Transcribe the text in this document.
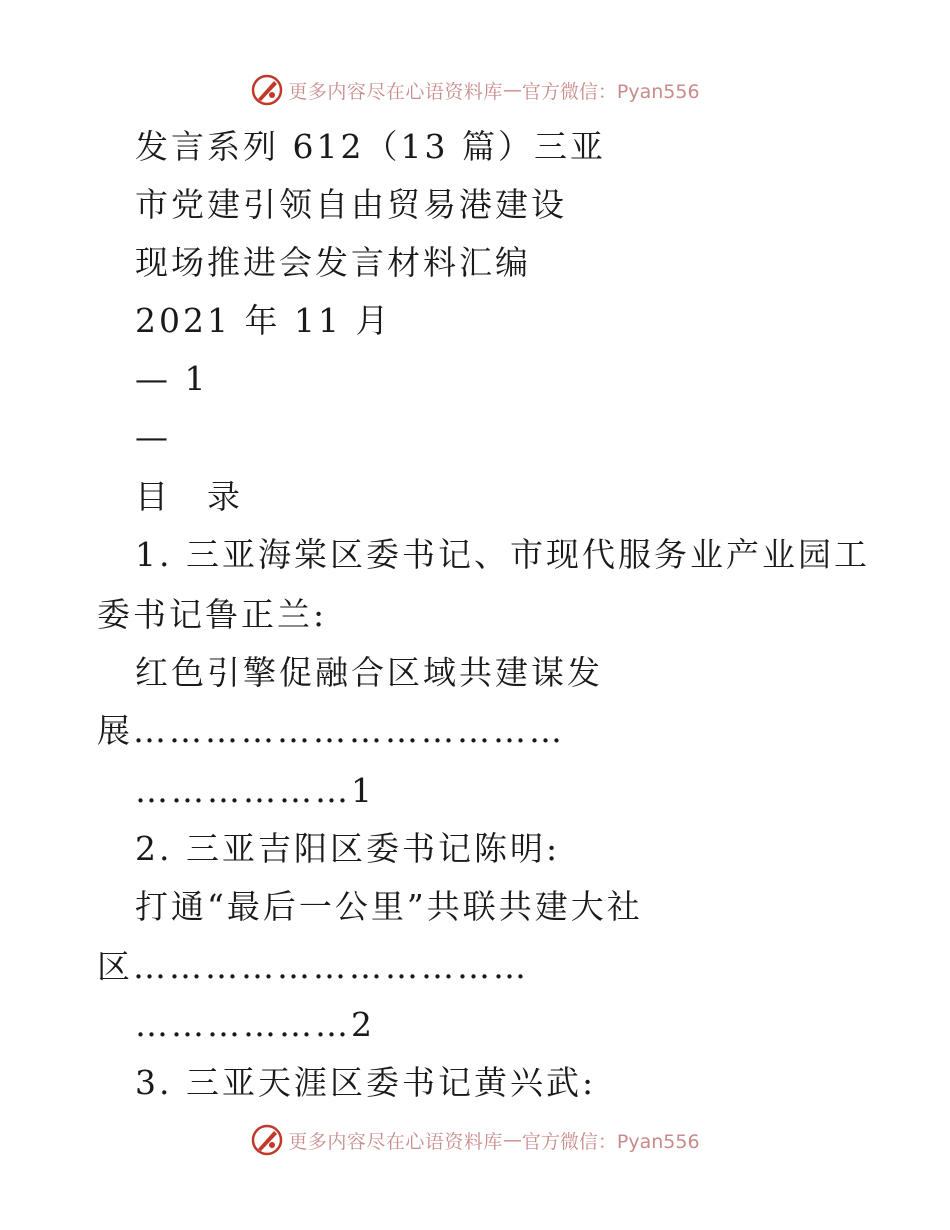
更多内容尽在心语资料库 — 官方微信：Pyan556
发言系列 612（13 篇）三亚
市党建引领自由贸易港建设
现场推进会发言材料汇编
2021 年 11 月
— 1
—
目　录
1. 三亚海棠区委书记、市现代服务业产业园工
委书记鲁正兰:
红色引擎促融合区域共建谋发
展………………………………
………………1
2. 三亚吉阳区委书记陈明:
打通“最后一公里”共联共建大社
区……………………………
………………2
3. 三亚天涯区委书记黄兴武:
更多内容尽在心语资料库 — 官方微信：Pyan556
